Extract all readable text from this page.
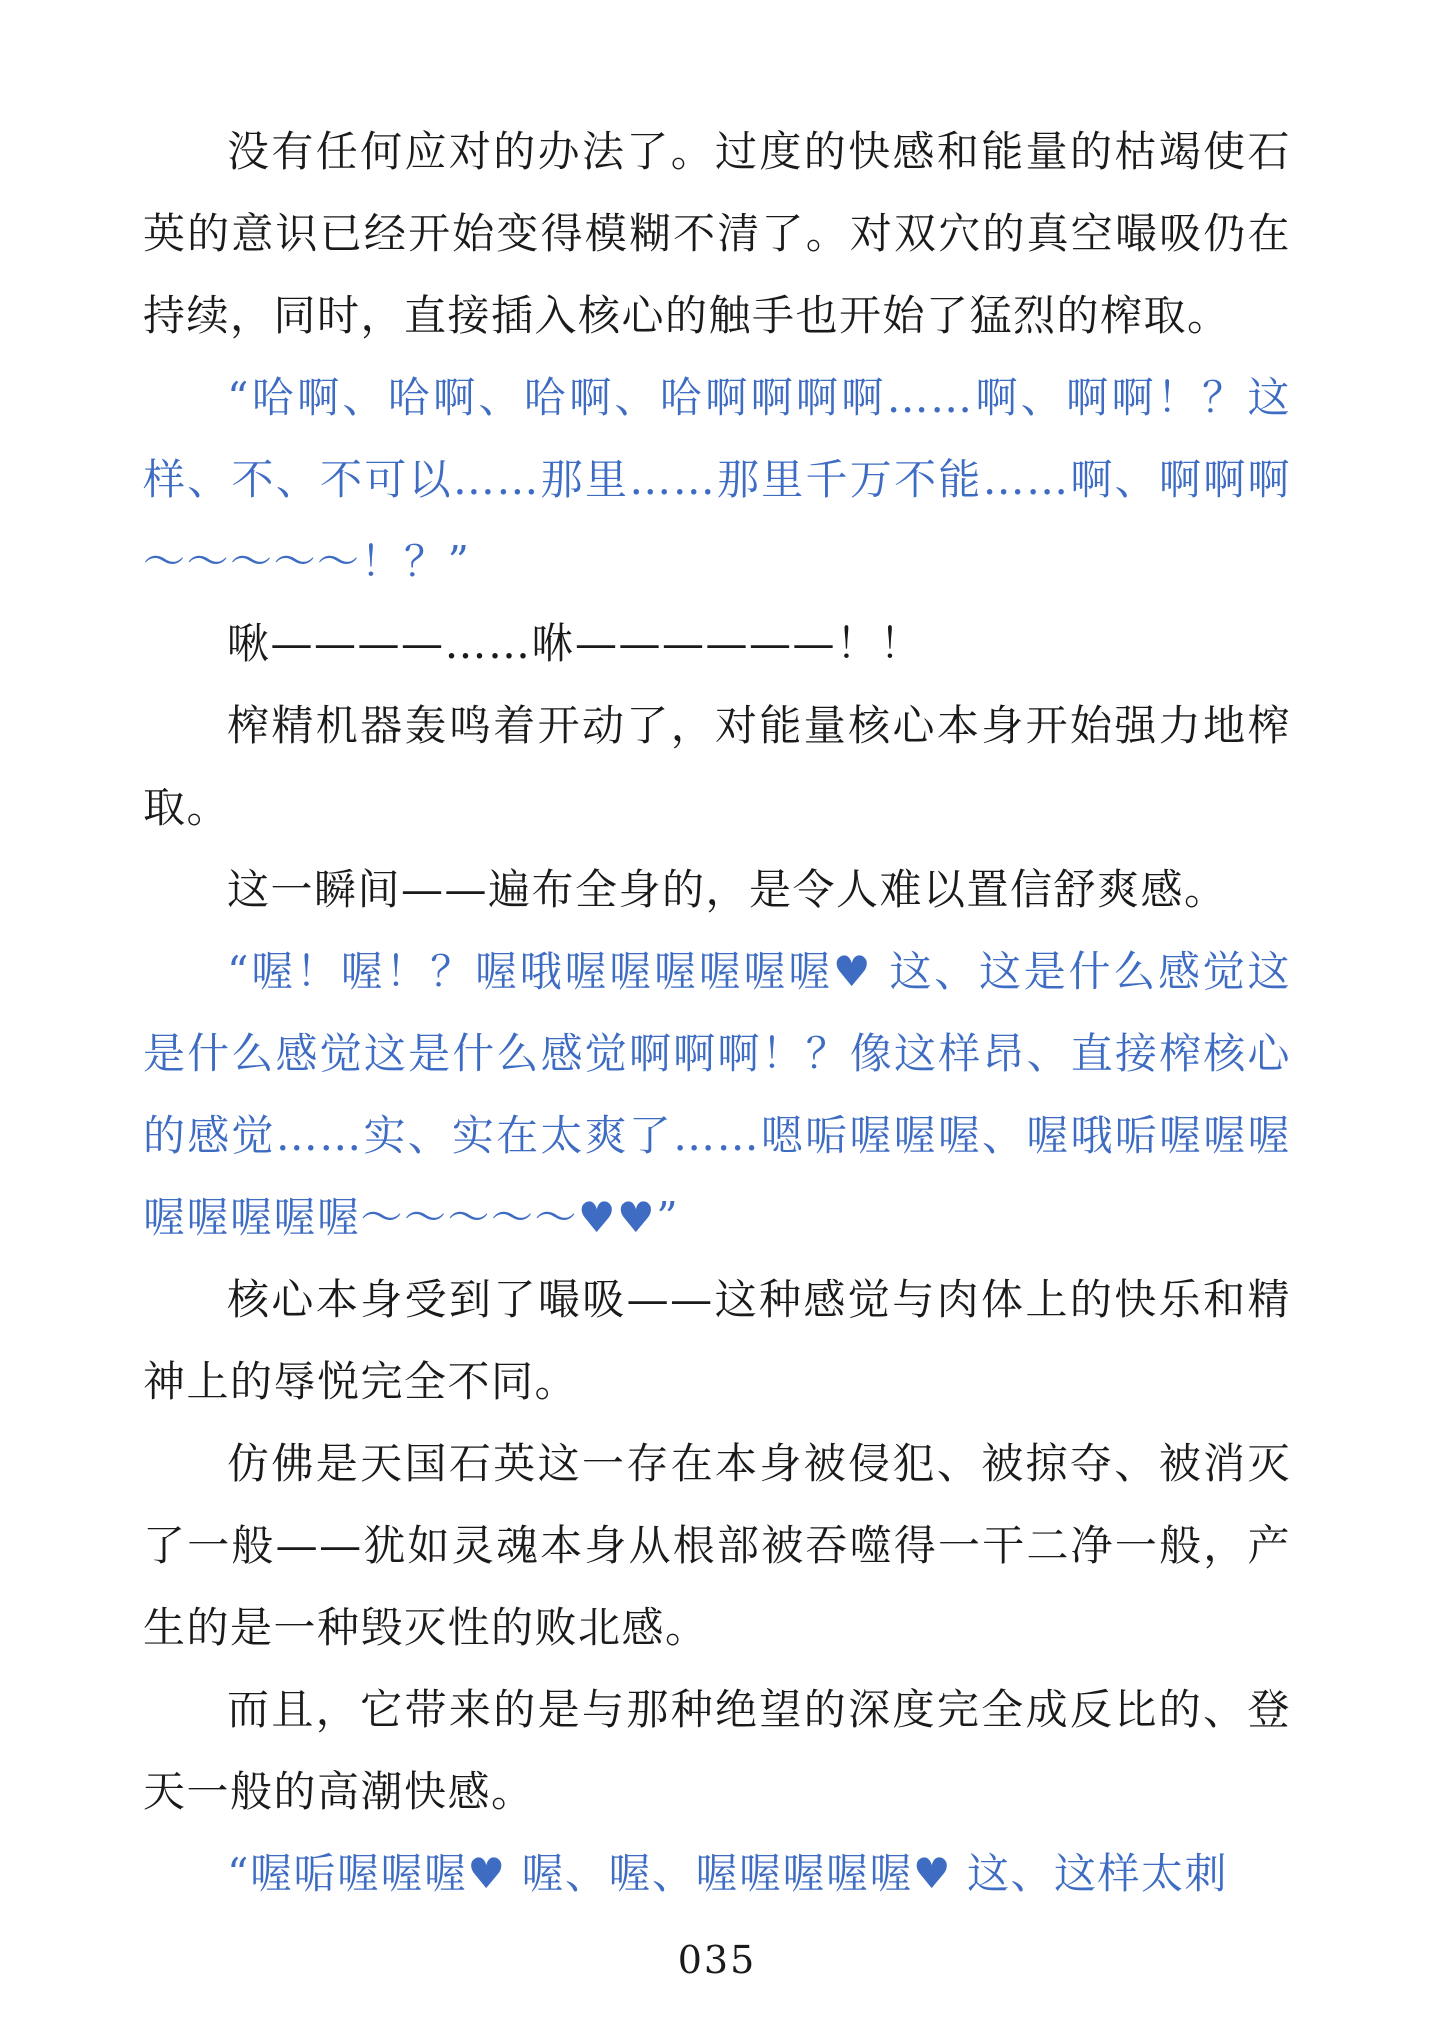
没有任何应对的办法了。过度的快感和能量的枯竭使石英的意识已经开始变得模糊不清了。对双穴的真空嘬吸仍在持续，同时，直接插入核心的触手也开始了猛烈的榨取。

“哈啊、哈啊、哈啊、哈啊啊啊啊……啊、啊啊！？这样、不、不可以……那里……那里千万不能……啊、啊啊啊～～～～～！？”

啾————……咻——————！！

榨精机器轰鸣着开动了，对能量核心本身开始强力地榨取。

这一瞬间——遍布全身的，是令人难以置信舒爽感。

“喔！喔！？喔哦喔喔喔喔喔喔♥ 这、这是什么感觉这是什么感觉这是什么感觉啊啊啊！？像这样昂、直接榨核心的感觉……实、实在太爽了……嗯㖃喔喔喔、喔哦㖃喔喔喔喔喔喔喔喔～～～～～♥♥”

核心本身受到了嘬吸——这种感觉与肉体上的快乐和精神上的辱悦完全不同。

仿佛是天国石英这一存在本身被侵犯、被掠夺、被消灭了一般——犹如灵魂本身从根部被吞噬得一干二净一般，产生的是一种毁灭性的败北感。

而且，它带来的是与那种绝望的深度完全成反比的、登天一般的高潮快感。

“喔㖃喔喔喔♥ 喔、喔、喔喔喔喔喔♥ 这、这样太刺

035
